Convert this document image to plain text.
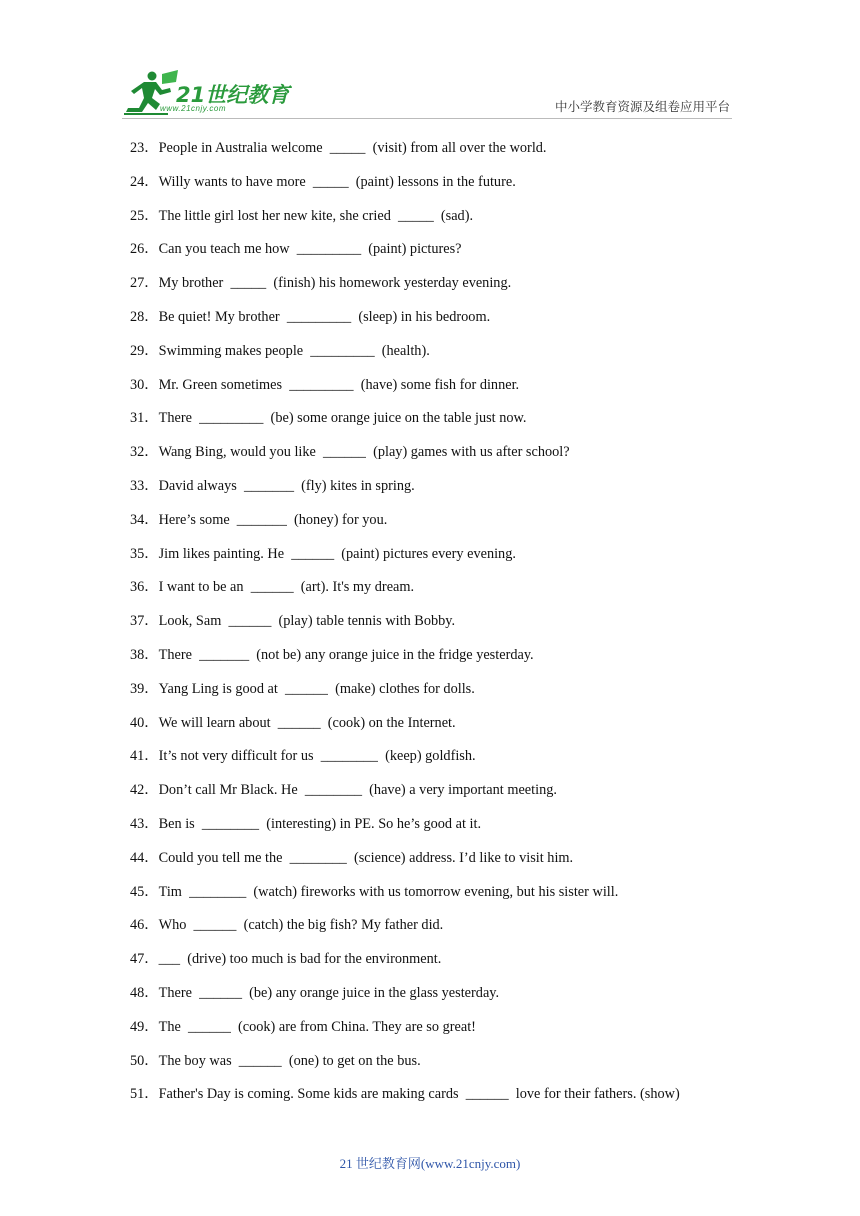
21世纪教育
www.21cnjy.com	中小学教育资源及组卷应用平台
23．People in Australia welcome  _____  (visit) from all over the world.
24．Willy wants to have more  _____  (paint) lessons in the future.
25．The little girl lost her new kite, she cried  _____  (sad).
26．Can you teach me how  _________  (paint) pictures?
27．My brother  _____  (finish) his homework yesterday evening.
28．Be quiet! My brother  _________  (sleep) in his bedroom.
29．Swimming makes people  _________  (health).
30．Mr. Green sometimes  _________  (have) some fish for dinner.
31．There  _________  (be) some orange juice on the table just now.
32．Wang Bing, would you like  ______  (play) games with us after school?
33．David always  _______  (fly) kites in spring.
34．Here’s some  _______  (honey) for you.
35．Jim likes painting. He  ______  (paint) pictures every evening.
36．I want to be an  ______  (art). It's my dream.
37．Look, Sam  ______  (play) table tennis with Bobby.
38．There  _______  (not be) any orange juice in the fridge yesterday.
39．Yang Ling is good at  ______  (make) clothes for dolls.
40．We will learn about  ______  (cook) on the Internet.
41．It’s not very difficult for us  ________  (keep) goldfish.
42．Don’t call Mr Black. He  ________  (have) a very important meeting.
43．Ben is  ________  (interesting) in PE. So he’s good at it.
44．Could you tell me the  ________  (science) address. I’d like to visit him.
45．Tim  ________  (watch) fireworks with us tomorrow evening, but his sister will.
46．Who  ______  (catch) the big fish? My father did.
47．___  (drive) too much is bad for the environment.
48．There  ______  (be) any orange juice in the glass yesterday.
49．The  ______  (cook) are from China. They are so great!
50．The boy was  ______  (one) to get on the bus.
51．Father's Day is coming. Some kids are making cards  ______  love for their fathers. (show)
21 世纪教育网(www.21cnjy.com)
